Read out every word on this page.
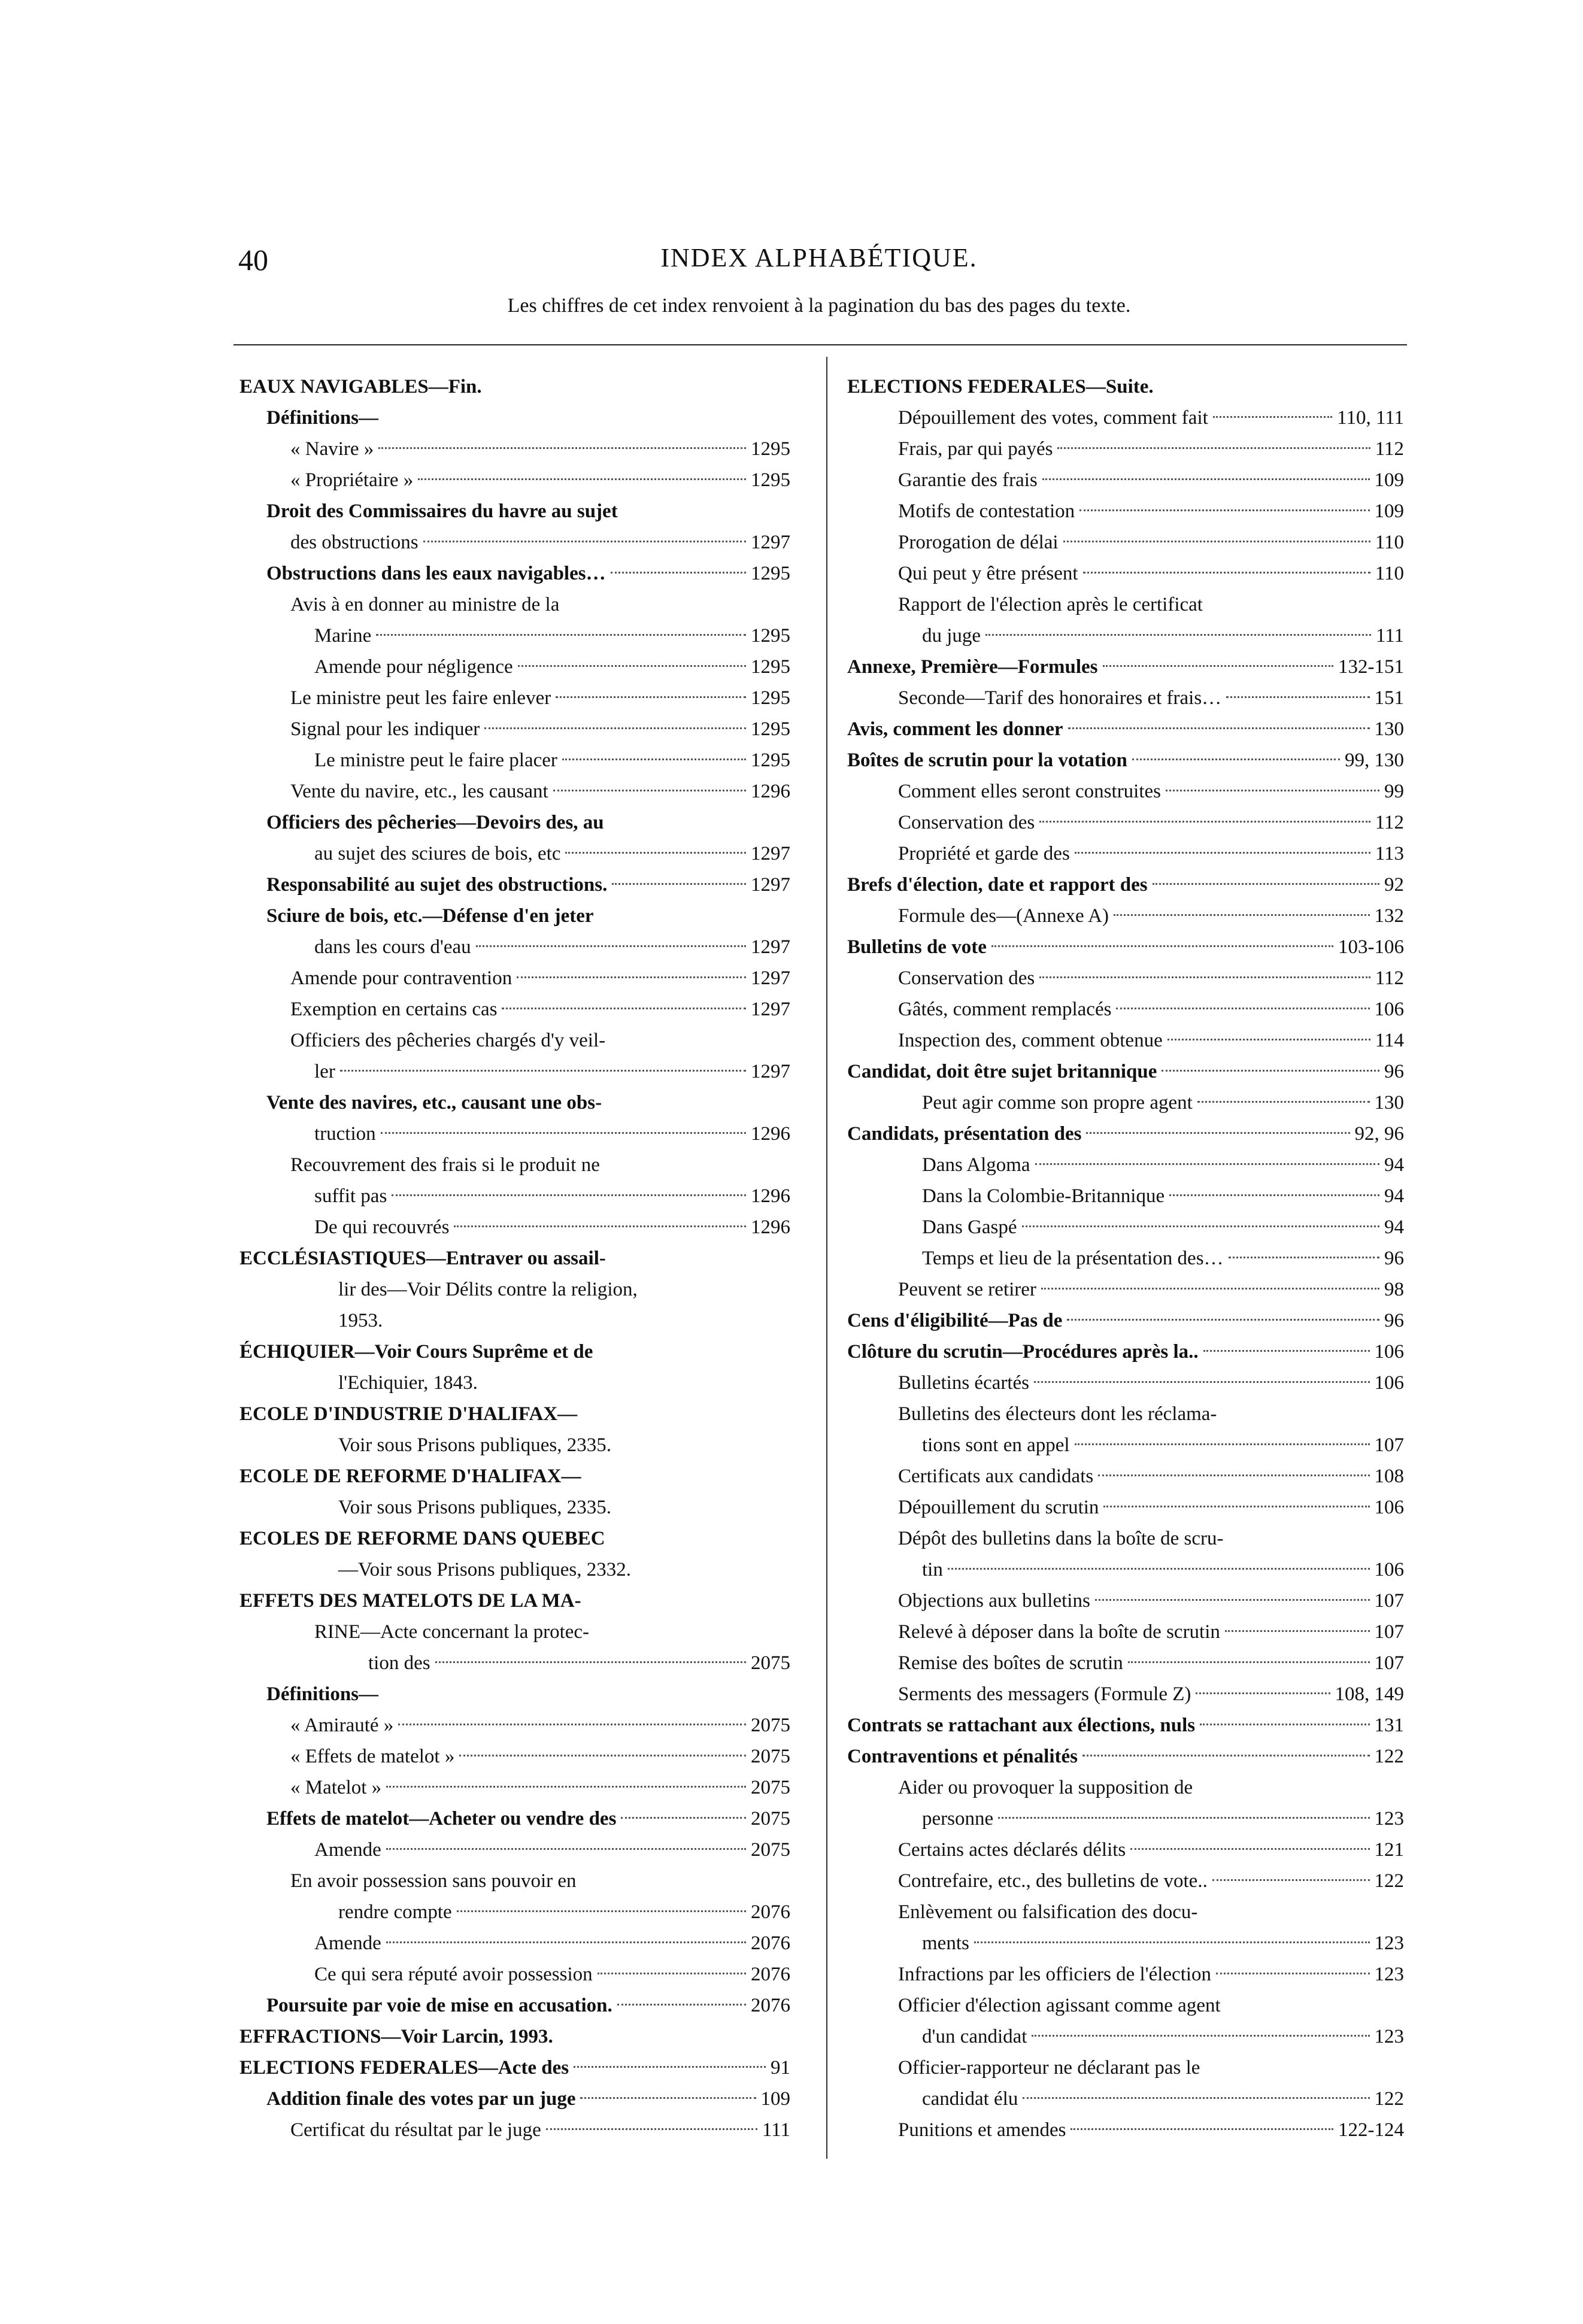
40	INDEX ALPHABÉTIQUE.
Les chiffres de cet index renvoient à la pagination du bas des pages du texte.
EAUX NAVIGABLES—Fin.
Définitions—
« Navire »	1295
« Propriétaire »	1295
Droit des Commissaires du havre au sujet
des obstructions	1297
Obstructions dans les eaux navigables…	1295
Avis à en donner au ministre de la
Marine	1295
Amende pour négligence	1295
Le ministre peut les faire enlever	1295
Signal pour les indiquer	1295
Le ministre peut le faire placer	1295
Vente du navire, etc., les causant	1296
Officiers des pêcheries—Devoirs des, au
au sujet des sciures de bois, etc	1297
Responsabilité au sujet des obstructions.	1297
Sciure de bois, etc.—Défense d'en jeter
dans les cours d'eau	1297
Amende pour contravention	1297
Exemption en certains cas	1297
Officiers des pêcheries chargés d'y veil-
ler	1297
Vente des navires, etc., causant une obs-
truction	1296
Recouvrement des frais si le produit ne
suffit pas	1296
De qui recouvrés	1296
ECCLÉSIASTIQUES—Entraver ou assail-
lir des—Voir Délits contre la religion,
1953.
ÉCHIQUIER—Voir Cours Suprême et de
l'Echiquier, 1843.
ECOLE D'INDUSTRIE D'HALIFAX—
Voir sous Prisons publiques, 2335.
ECOLE DE REFORME D'HALIFAX—
Voir sous Prisons publiques, 2335.
ECOLES DE REFORME DANS QUEBEC
—Voir sous Prisons publiques, 2332.
EFFETS DES MATELOTS DE LA MA-
RINE—Acte concernant la protec-
tion des	2075
Définitions—
« Amirauté »	2075
« Effets de matelot »	2075
« Matelot »	2075
Effets de matelot—Acheter ou vendre des	2075
Amende	2075
En avoir possession sans pouvoir en
rendre compte	2076
Amende	2076
Ce qui sera réputé avoir possession	2076
Poursuite par voie de mise en accusation.	2076
EFFRACTIONS—Voir Larcin, 1993.
ELECTIONS FEDERALES—Acte des	91
Addition finale des votes par un juge	109
Certificat du résultat par le juge	111
ELECTIONS FEDERALES—Suite.
Dépouillement des votes, comment fait	110, 111
Frais, par qui payés	112
Garantie des frais	109
Motifs de contestation	109
Prorogation de délai	110
Qui peut y être présent	110
Rapport de l'élection après le certificat
du juge	111
Annexe, Première—Formules	132-151
Seconde—Tarif des honoraires et frais…	151
Avis, comment les donner	130
Boîtes de scrutin pour la votation	99, 130
Comment elles seront construites	99
Conservation des	112
Propriété et garde des	113
Brefs d'élection, date et rapport des	92
Formule des—(Annexe A)	132
Bulletins de vote	103-106
Conservation des	112
Gâtés, comment remplacés	106
Inspection des, comment obtenue	114
Candidat, doit être sujet britannique	96
Peut agir comme son propre agent	130
Candidats, présentation des	92, 96
Dans Algoma	94
Dans la Colombie-Britannique	94
Dans Gaspé	94
Temps et lieu de la présentation des…	96
Peuvent se retirer	98
Cens d'éligibilité—Pas de	96
Clôture du scrutin—Procédures après la..	106
Bulletins écartés	106
Bulletins des électeurs dont les réclama-
tions sont en appel	107
Certificats aux candidats	108
Dépouillement du scrutin	106
Dépôt des bulletins dans la boîte de scru-
tin	106
Objections aux bulletins	107
Relevé à déposer dans la boîte de scrutin	107
Remise des boîtes de scrutin	107
Serments des messagers (Formule Z)	108, 149
Contrats se rattachant aux élections, nuls	131
Contraventions et pénalités	122
Aider ou provoquer la supposition de
personne	123
Certains actes déclarés délits	121
Contrefaire, etc., des bulletins de vote..	122
Enlèvement ou falsification des docu-
ments	123
Infractions par les officiers de l'élection	123
Officier d'élection agissant comme agent
d'un candidat	123
Officier-rapporteur ne déclarant pas le
candidat élu	122
Punitions et amendes	122-124
